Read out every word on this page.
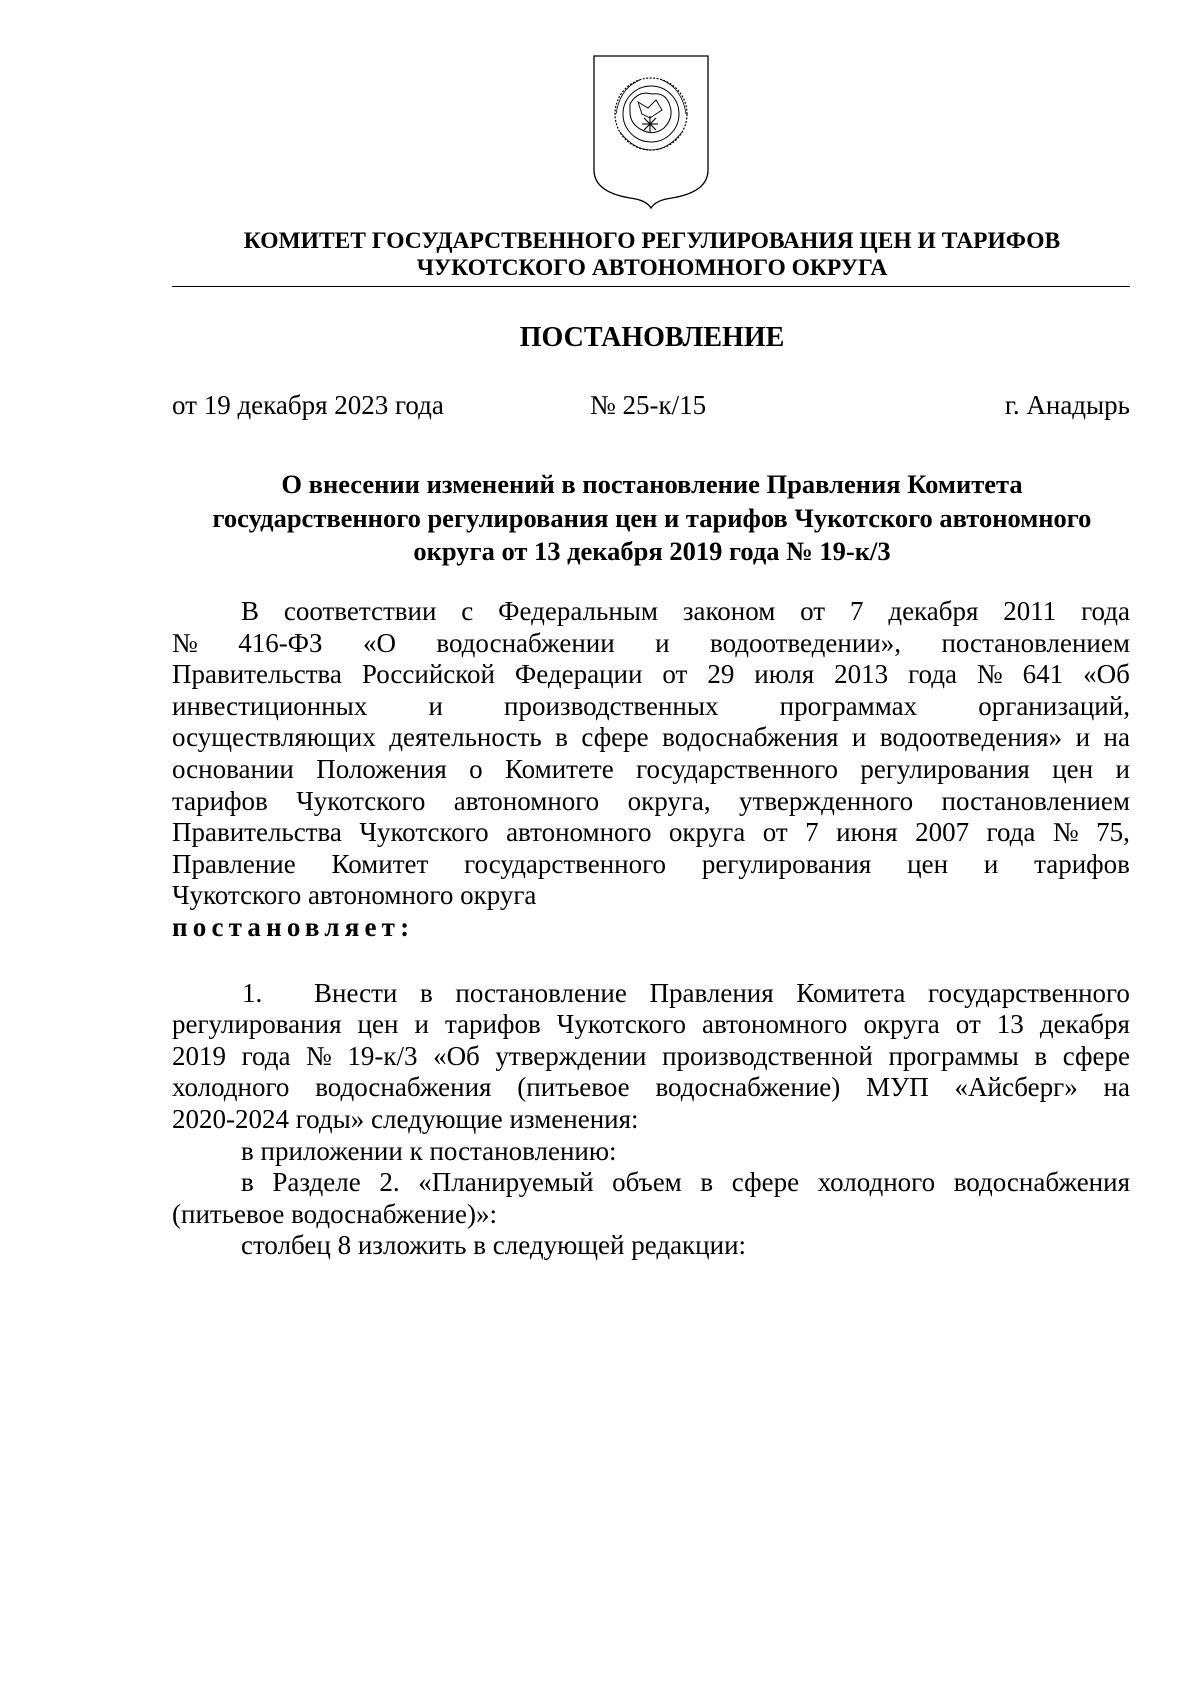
КОМИТЕТ ГОСУДАРСТВЕННОГО РЕГУЛИРОВАНИЯ ЦЕН И ТАРИФОВ
ЧУКОТСКОГО АВТОНОМНОГО ОКРУГА
ПОСТАНОВЛЕНИЕ
от 19 декабря 2023 года	№ 25-к/15	г. Анадырь
О внесении изменений в постановление Правления Комитета
государственного регулирования цен и тарифов Чукотского автономного
округа от 13 декабря 2019 года № 19-к/3
В соответствии с Федеральным законом от 7 декабря 2011 года
№ 416-ФЗ «О водоснабжении и водоотведении», постановлением
Правительства Российской Федерации от 29 июля 2013 года № 641 «Об
инвестиционных и производственных программах организаций,
осуществляющих деятельность в сфере водоснабжения и водоотведения» и на
основании Положения о Комитете государственного регулирования цен и
тарифов Чукотского автономного округа, утвержденного постановлением
Правительства Чукотского автономного округа от 7 июня 2007 года № 75,
Правление Комитет государственного регулирования цен и тарифов
Чукотского автономного округа
постановляет:
1.	Внести в постановление Правления Комитета государственного
регулирования цен и тарифов Чукотского автономного округа от 13 декабря
2019 года № 19-к/3 «Об утверждении производственной программы в сфере
холодного водоснабжения (питьевое водоснабжение) МУП «Айсберг» на
2020-2024 годы» следующие изменения:
в приложении к постановлению:
в Разделе 2. «Планируемый объем в сфере холодного водоснабжения
(питьевое водоснабжение)»:
столбец 8 изложить в следующей редакции:
